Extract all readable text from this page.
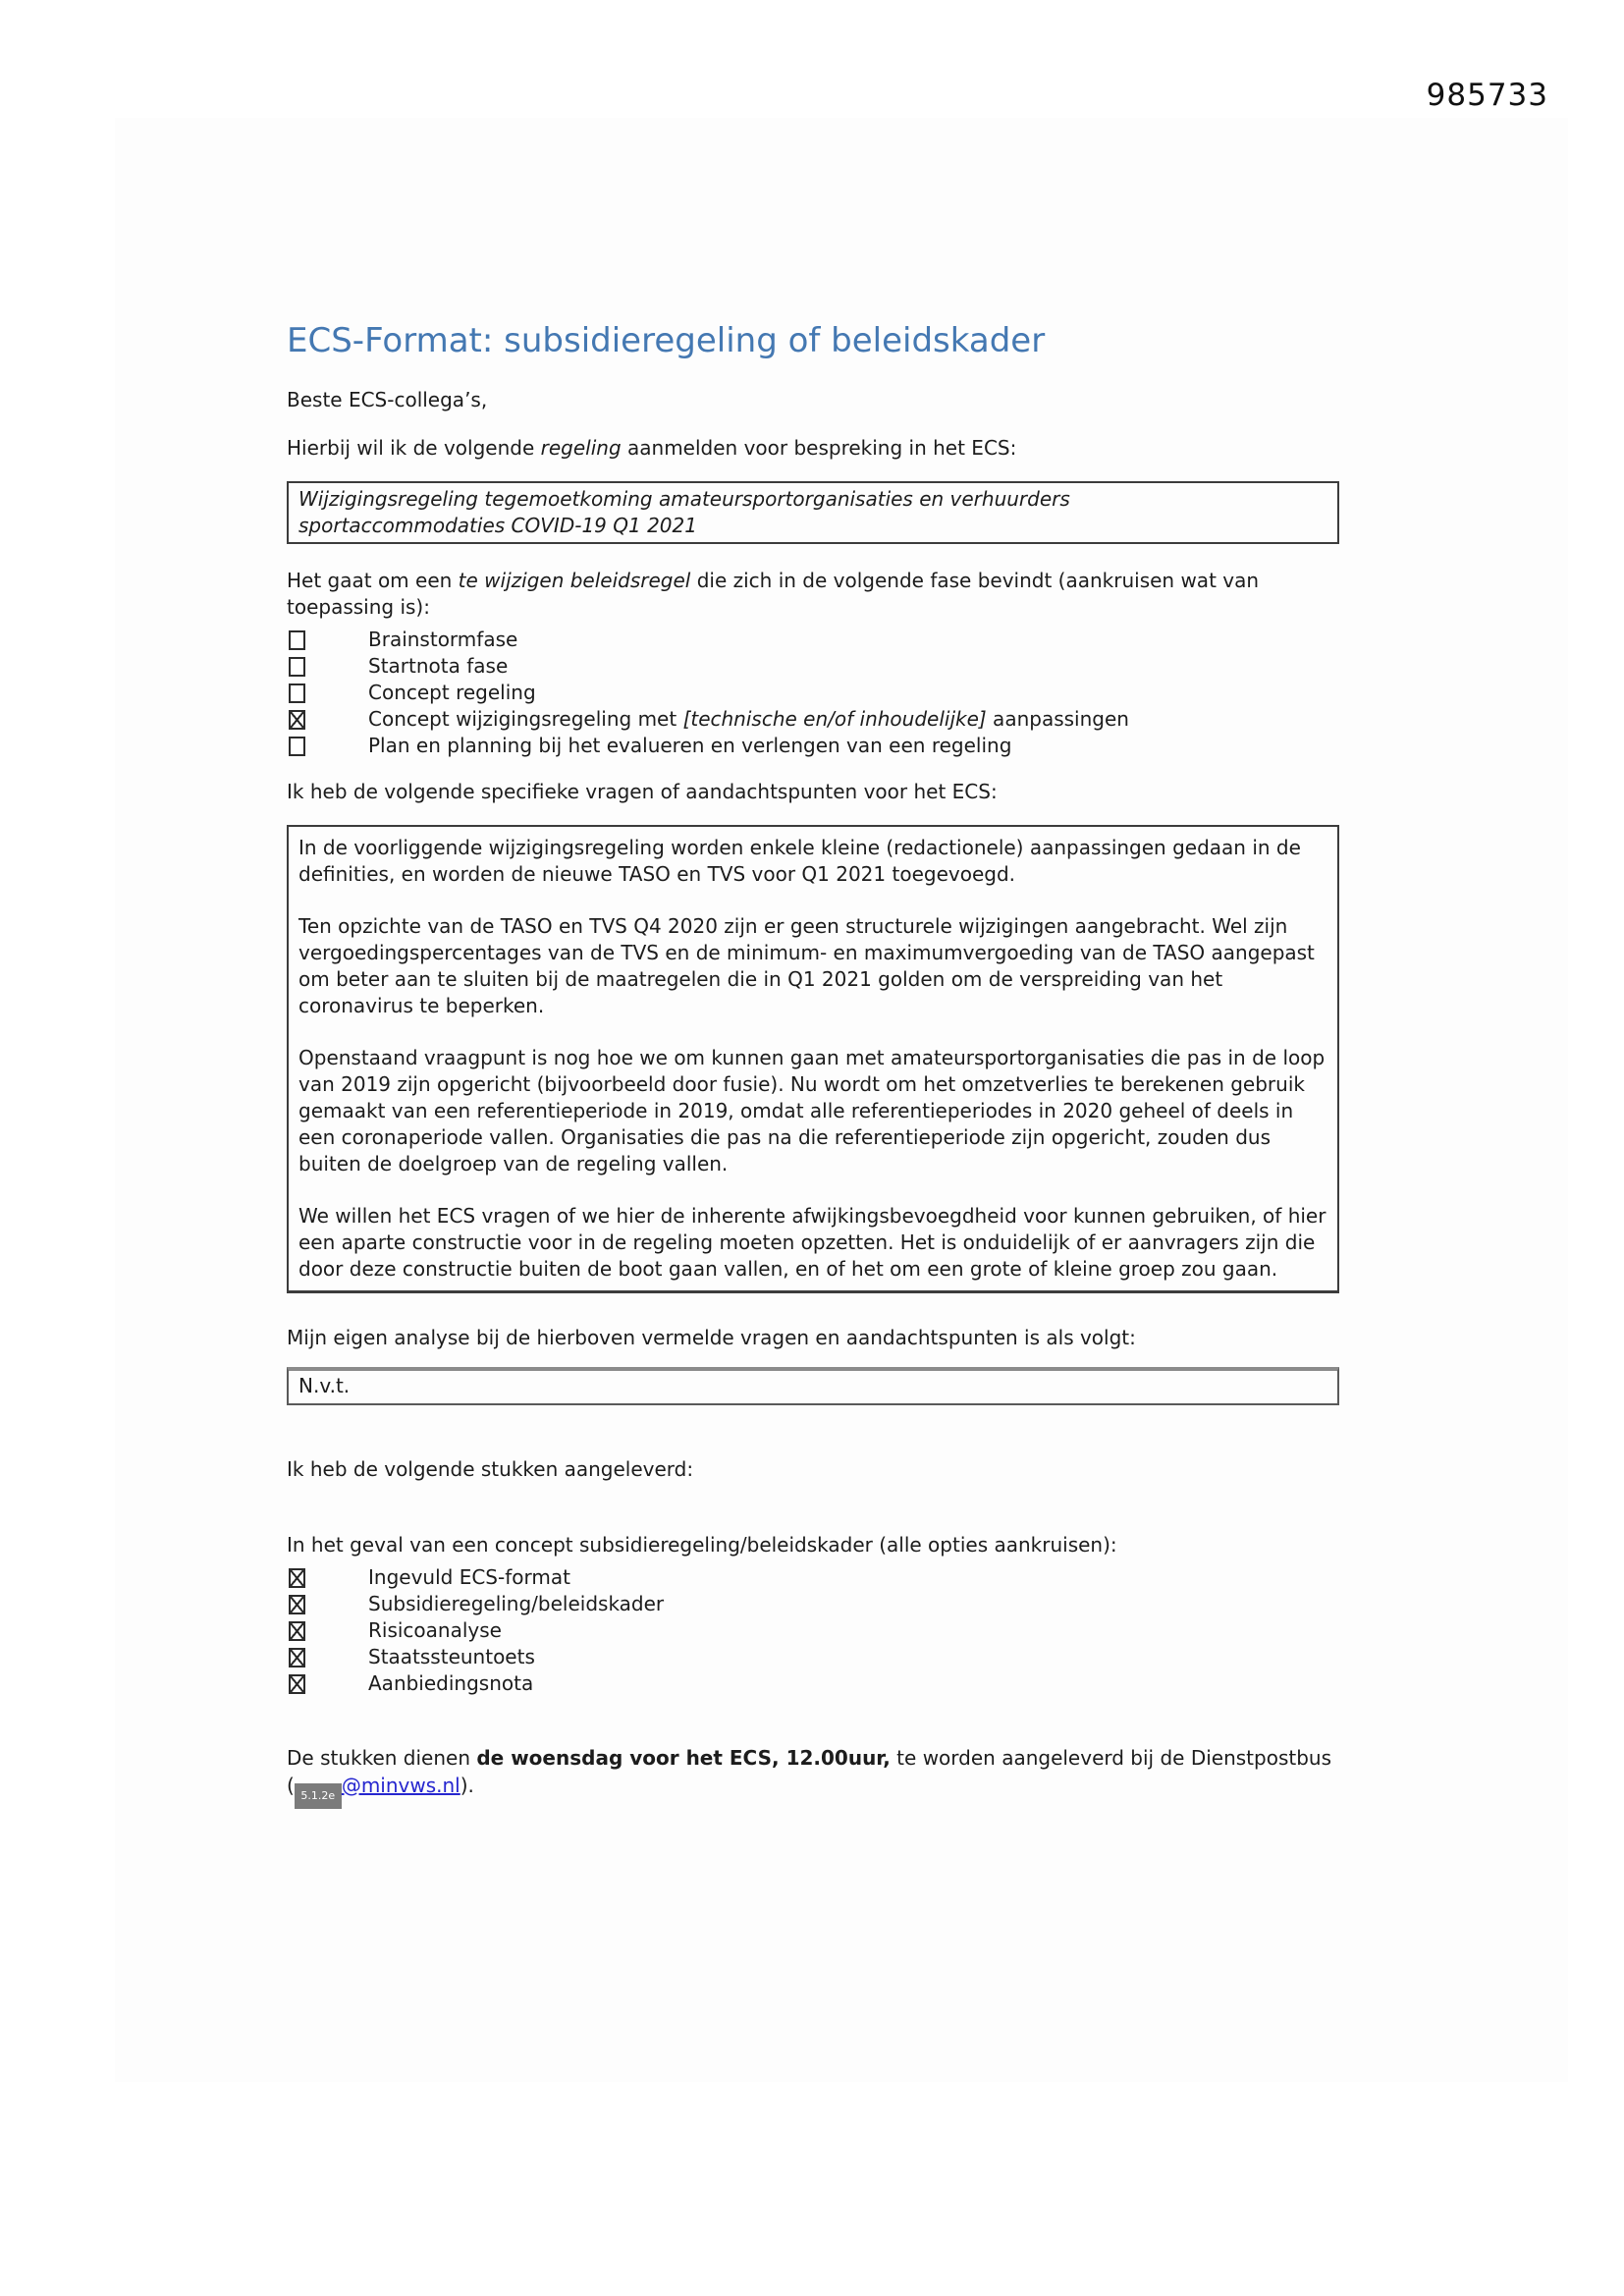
985733
ECS-Format: subsidieregeling of beleidskader

Beste ECS-collega’s,

Hierbij wil ik de volgende regeling aanmelden voor bespreking in het ECS:

Wijzigingsregeling tegemoetkoming amateursportorganisaties en verhuurders
sportaccommodaties COVID-19 Q1 2021

Het gaat om een te wijzigen beleidsregel die zich in de volgende fase bevindt (aankruisen wat van toepassing is):

Brainstormfase
Startnota fase
Concept regeling
Concept wijzigingsregeling met [technische en/of inhoudelijke] aanpassingen
Plan en planning bij het evalueren en verlengen van een regeling

Ik heb de volgende specifieke vragen of aandachtspunten voor het ECS:

In de voorliggende wijzigingsregeling worden enkele kleine (redactionele) aanpassingen gedaan in de definities, en worden de nieuwe TASO en TVS voor Q1 2021 toegevoegd.

Ten opzichte van de TASO en TVS Q4 2020 zijn er geen structurele wijzigingen aangebracht. Wel zijn vergoedingspercentages van de TVS en de minimum- en maximumvergoeding van de TASO aangepast om beter aan te sluiten bij de maatregelen die in Q1 2021 golden om de verspreiding van het coronavirus te beperken.

Openstaand vraagpunt is nog hoe we om kunnen gaan met amateursportorganisaties die pas in de loop van 2019 zijn opgericht (bijvoorbeeld door fusie). Nu wordt om het omzetverlies te berekenen gebruik gemaakt van een referentieperiode in 2019, omdat alle referentieperiodes in 2020 geheel of deels in een coronaperiode vallen. Organisaties die pas na die referentieperiode zijn opgericht, zouden dus buiten de doelgroep van de regeling vallen.

We willen het ECS vragen of we hier de inherente afwijkingsbevoegdheid voor kunnen gebruiken, of hier een aparte constructie voor in de regeling moeten opzetten. Het is onduidelijk of er aanvragers zijn die door deze constructie buiten de boot gaan vallen, en of het om een grote of kleine groep zou gaan.

Mijn eigen analyse bij de hierboven vermelde vragen en aandachtspunten is als volgt:

N.v.t.

Ik heb de volgende stukken aangeleverd:

In het geval van een concept subsidieregeling/beleidskader (alle opties aankruisen):

Ingevuld ECS-format
Subsidieregeling/beleidskader
Risicoanalyse
Staatssteuntoets
Aanbiedingsnota

De stukken dienen de woensdag voor het ECS, 12.00uur, te worden aangeleverd bij de Dienstpostbus ( 5.1.2e @minvws.nl).
